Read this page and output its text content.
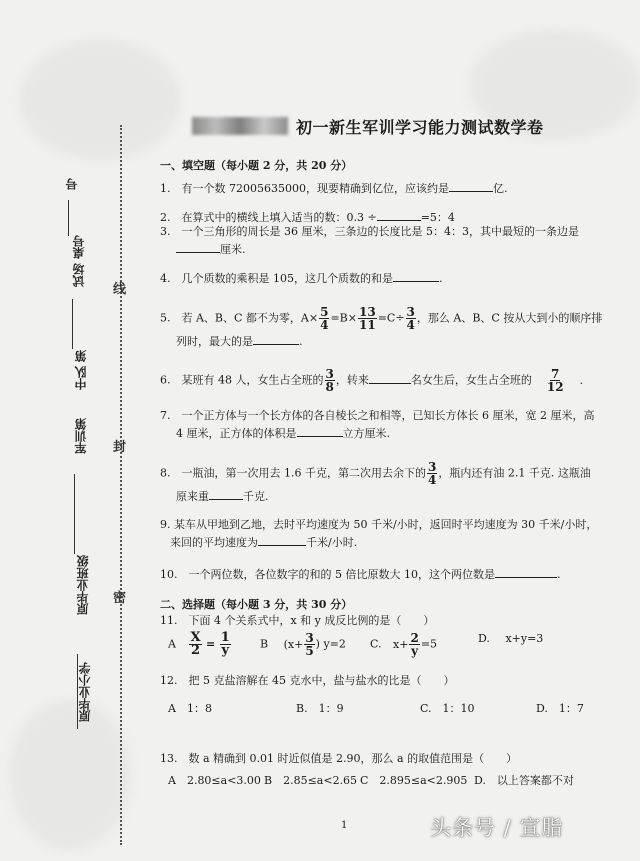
号
试场 桌号
中队 第
军训第
原毕业班级
原毕业小学
线
封
密
初一新生军训学习能力测试数学卷
一、填空题（每小题 2 分，共 20 分）
1.　有一个数 72005635000，现要精确到亿位，应该约是	亿.
2.　在算式中的横线上填入适当的数：0.3 ÷	=5：4
3.　一个三角形的周长是 36 厘米，三条边的长度比是 5：4：3，其中最短的一条边是
厘米.
4.　几个质数的乘积是 105，这几个质数的和是	.
5.　若 A、B、C 都不为零，$A\times \frac{5}{4} =B\times \frac{13}{11} =C\div \frac{3}{4}$ ，那么 A、B、C 按从大到小的顺序排
列时，最大的是	.
6.　某班有 48 人，女生占全班的 $\frac{3}{8}$ ，转来	名女生后，女生占全班的 $\frac{7}{12}$ .
7.　一个正方体与一个长方体的各自棱长之和相等，已知长方体长 6 厘米，宽 2 厘米，高
4 厘米，正方体的体积是	立方厘米.
8.　一瓶油，第一次用去 1.6 千克，第二次用去余下的 $\frac{3}{4}$ ，瓶内还有油 2.1 千克. 这瓶油
原来重	千克.
9. 某车从甲地到乙地，去时平均速度为 50 千米/小时，返回时平均速度为 30 千米/小时，
来回的平均速度为	千米/小时.
10.　一个两位数，各位数字的和的 5 倍比原数大 10，这个两位数是	.
二、选择题（每小题 3 分，共 30 分）
11.　下面 4 个关系式中，x 和 y 成反比例的是（　　）
A $\frac{X}{2} = \frac{1}{y}$	B ($x+ \frac{3}{5}$ ) y=2 C. $x+ \frac{2}{y} =5$	D. x+y=3
12.　把 5 克盐溶解在 45 克水中，盐与盐水的比是（　　）
A　1：8	B.　1：9	C.　1：10	D.　1：7
13.　数 a 精确到 0.01 时近似值是 2.90，那么 a 的取值范围是（　　）
A　2.80≤a<3.00 B　2.85≤a<2.65 C　2.895≤a<2.905 D.　以上答案都不对
1	头条号 / 宣脂
